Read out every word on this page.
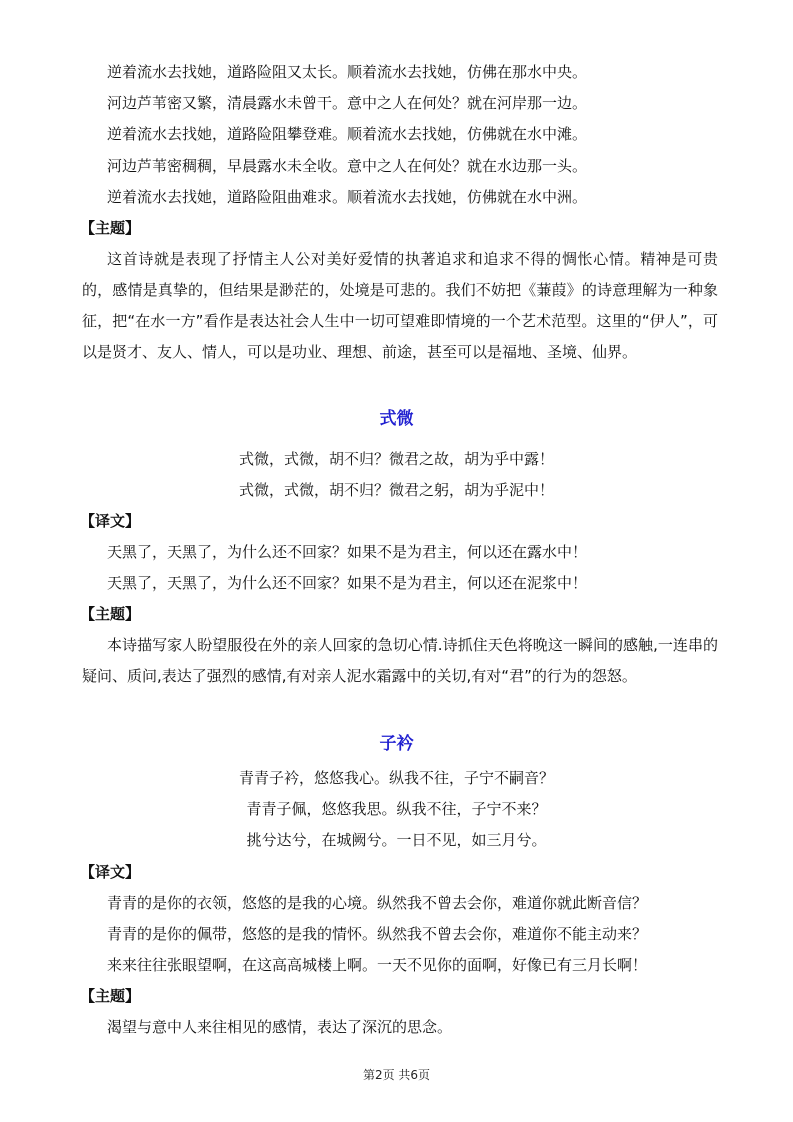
逆着流水去找她，道路险阻又太长。顺着流水去找她，仿佛在那水中央。
河边芦苇密又繁，清晨露水未曾干。意中之人在何处？就在河岸那一边。
逆着流水去找她，道路险阻攀登难。顺着流水去找她，仿佛就在水中滩。
河边芦苇密稠稠，早晨露水未全收。意中之人在何处？就在水边那一头。
逆着流水去找她，道路险阻曲难求。顺着流水去找她，仿佛就在水中洲。
【主题】
这首诗就是表现了抒情主人公对美好爱情的执著追求和追求不得的惆怅心情。精神是可贵的，感情是真挚的，但结果是渺茫的，处境是可悲的。我们不妨把《蒹葭》的诗意理解为一种象征，把“在水一方”看作是表达社会人生中一切可望难即情境的一个艺术范型。这里的“伊人”，可以是贤才、友人、情人，可以是功业、理想、前途，甚至可以是福地、圣境、仙界。
式微
式微，式微，胡不归？微君之故，胡为乎中露！
式微，式微，胡不归？微君之躬，胡为乎泥中！
【译文】
天黑了，天黑了，为什么还不回家？如果不是为君主，何以还在露水中！
天黑了，天黑了，为什么还不回家？如果不是为君主，何以还在泥浆中！
【主题】
本诗描写家人盼望服役在外的亲人回家的急切心情.诗抓住天色将晚这一瞬间的感触,一连串的疑问、质问,表达了强烈的感情,有对亲人泥水霜露中的关切,有对“君”的行为的怨怒。
子衿
青青子衿，悠悠我心。纵我不往，子宁不嗣音？
青青子佩，悠悠我思。纵我不往，子宁不来？
挑兮达兮，在城阙兮。一日不见，如三月兮。
【译文】
青青的是你的衣领，悠悠的是我的心境。纵然我不曾去会你，难道你就此断音信？
青青的是你的佩带，悠悠的是我的情怀。纵然我不曾去会你，难道你不能主动来？
来来往往张眼望啊，在这高高城楼上啊。一天不见你的面啊，好像已有三月长啊！
【主题】
渴望与意中人来往相见的感情，表达了深沉的思念。
第2页 共6页
